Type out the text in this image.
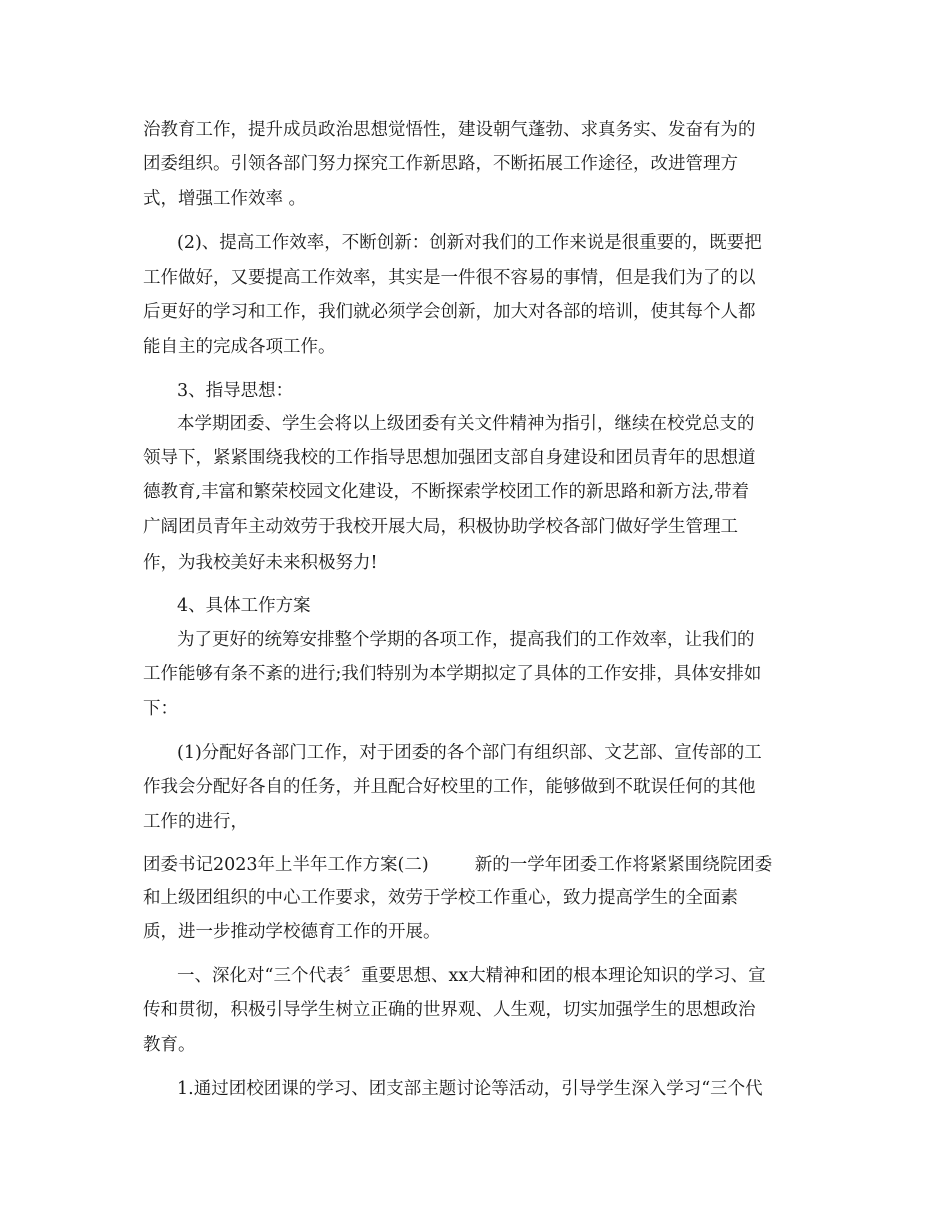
治教育工作，提升成员政治思想觉悟性，建设朝气蓬勃、求真务实、发奋有为的
团委组织。引领各部门努力探究工作新思路，不断拓展工作途径，改进管理方
式，增强工作效率 。
(2)、提高工作效率，不断创新：创新对我们的工作来说是很重要的，既要把
工作做好，又要提高工作效率，其实是一件很不容易的事情，但是我们为了的以
后更好的学习和工作，我们就必须学会创新，加大对各部的培训，使其每个人都
能自主的完成各项工作。
3、指导思想：
本学期团委、学生会将以上级团委有关文件精神为指引，继续在校党总支的
领导下，紧紧围绕我校的工作指导思想加强团支部自身建设和团员青年的思想道
德教育,丰富和繁荣校园文化建设，不断探索学校团工作的新思路和新方法,带着
广阔团员青年主动效劳于我校开展大局，积极协助学校各部门做好学生管理工
作，为我校美好未来积极努力!
4、具体工作方案
为了更好的统筹安排整个学期的各项工作，提高我们的工作效率，让我们的
工作能够有条不紊的进行;我们特别为本学期拟定了具体的工作安排，具体安排如
下：
(1)分配好各部门工作，对于团委的各个部门有组织部、文艺部、宣传部的工
作我会分配好各自的任务，并且配合好校里的工作，能够做到不耽误任何的其他
工作的进行，
团委书记2023年上半年工作方案(二)	新的一学年团委工作将紧紧围绕院团委
和上级团组织的中心工作要求，效劳于学校工作重心，致力提高学生的全面素
质，进一步推动学校德育工作的开展。
一、深化对“三个代表〞重要思想、xx大精神和团的根本理论知识的学习、宣
传和贯彻，积极引导学生树立正确的世界观、人生观，切实加强学生的思想政治
教育。
1.通过团校团课的学习、团支部主题讨论等活动，引导学生深入学习“三个代
